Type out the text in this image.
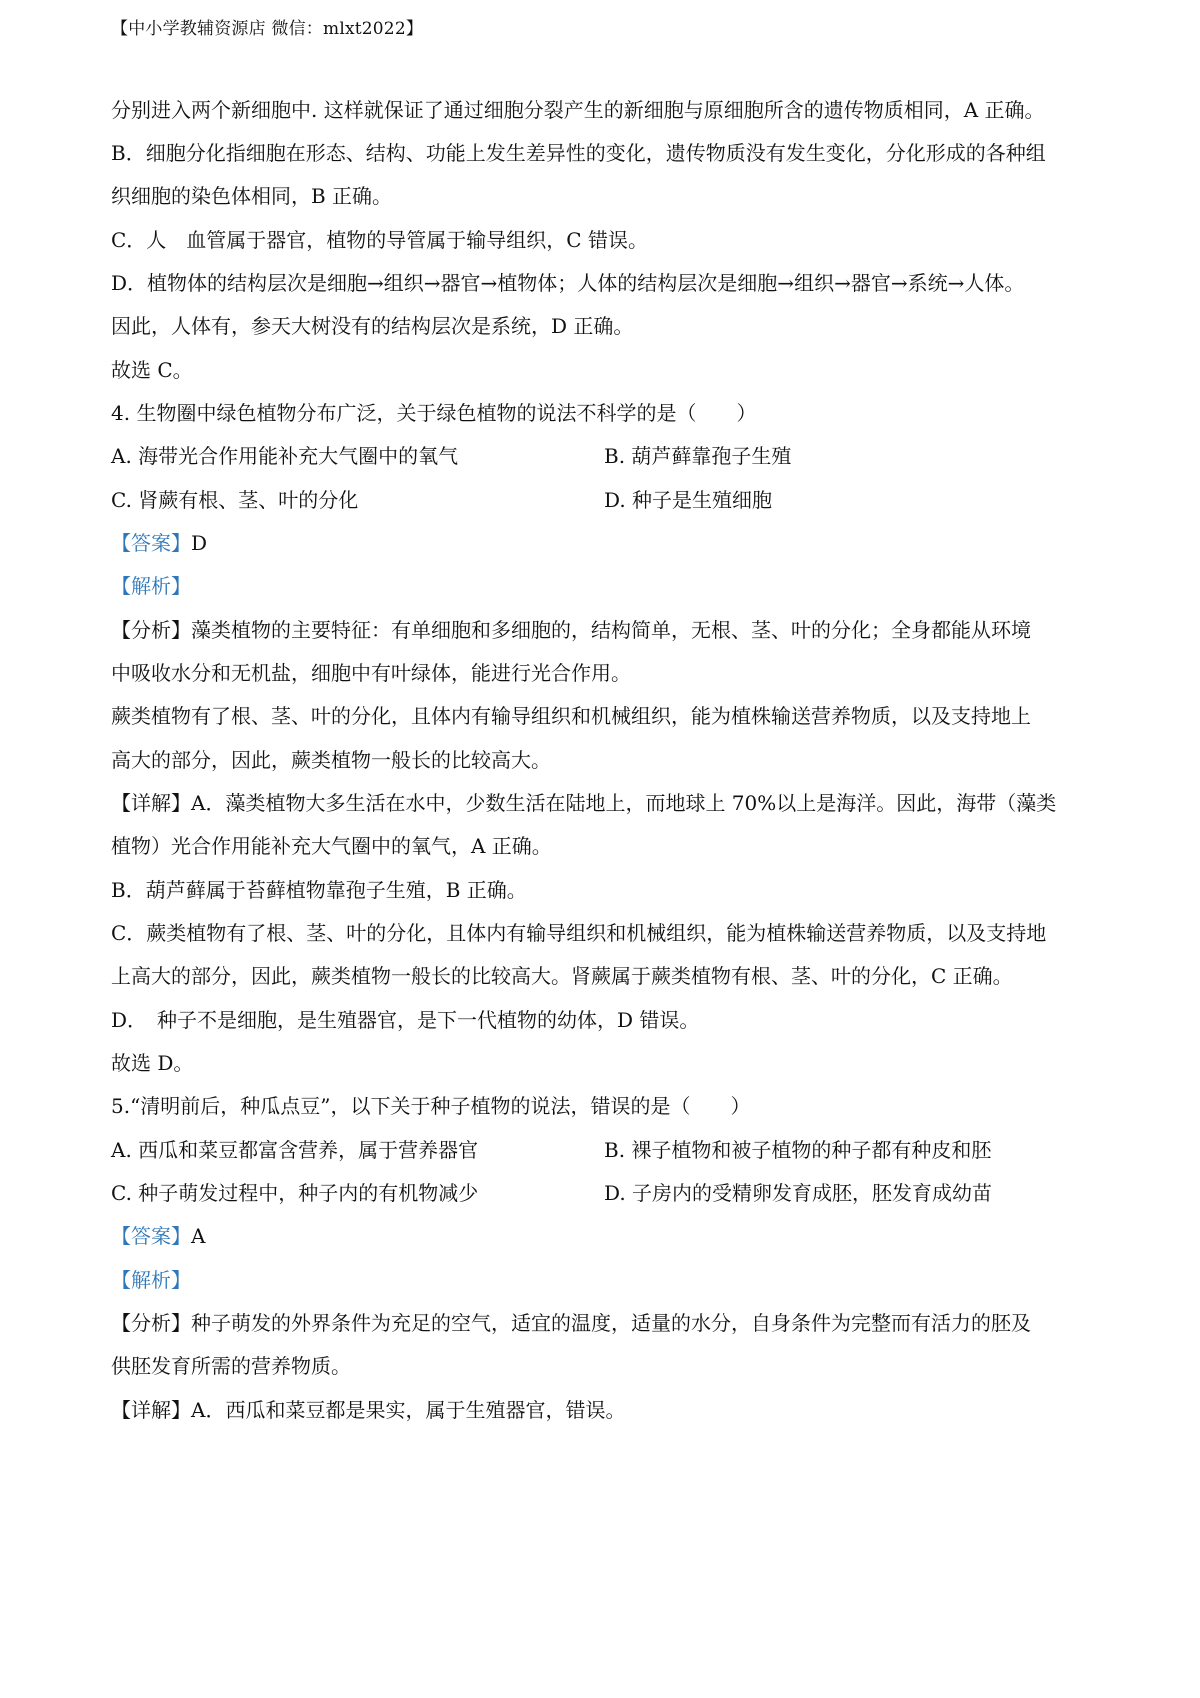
【中小学教辅资源店 微信：mlxt2022】
分别进入两个新细胞中. 这样就保证了通过细胞分裂产生的新细胞与原细胞所含的遗传物质相同，A 正确。
B．细胞分化指细胞在形态、结构、功能上发生差异性的变化，遗传物质没有发生变化，分化形成的各种组
织细胞的染色体相同，B 正确。
C．人　血管属于器官，植物的导管属于输导组织，C 错误。
D．植物体的结构层次是细胞→组织→器官→植物体；人体的结构层次是细胞→组织→器官→系统→人体。
因此，人体有，参天大树没有的结构层次是系统，D 正确。
故选 C。
4. 生物圈中绿色植物分布广泛，关于绿色植物的说法不科学的是（　　）
A. 海带光合作用能补充大气圈中的氧气	B. 葫芦藓靠孢子生殖
C. 肾蕨有根、茎、叶的分化	D. 种子是生殖细胞
【答案】D
【解析】
【分析】藻类植物的主要特征：有单细胞和多细胞的，结构简单，无根、茎、叶的分化；全身都能从环境
中吸收水分和无机盐，细胞中有叶绿体，能进行光合作用。
蕨类植物有了根、茎、叶的分化，且体内有输导组织和机械组织，能为植株输送营养物质，以及支持地上
高大的部分，因此，蕨类植物一般长的比较高大。
【详解】A．藻类植物大多生活在水中，少数生活在陆地上，而地球上 70%以上是海洋。因此，海带（藻类
植物）光合作用能补充大气圈中的氧气，A 正确。
B．葫芦藓属于苔藓植物靠孢子生殖，B 正确。
C．蕨类植物有了根、茎、叶的分化，且体内有输导组织和机械组织，能为植株输送营养物质，以及支持地
上高大的部分，因此，蕨类植物一般长的比较高大。肾蕨属于蕨类植物有根、茎、叶的分化，C 正确。
D．　种子不是细胞，是生殖器官，是下一代植物的幼体，D 错误。
故选 D。
5.“清明前后，种瓜点豆”，以下关于种子植物的说法，错误的是（　　）
A. 西瓜和菜豆都富含营养，属于营养器官	B. 裸子植物和被子植物的种子都有种皮和胚
C. 种子萌发过程中，种子内的有机物减少	D. 子房内的受精卵发育成胚，胚发育成幼苗
【答案】A
【解析】
【分析】种子萌发的外界条件为充足的空气，适宜的温度，适量的水分，自身条件为完整而有活力的胚及
供胚发育所需的营养物质。
【详解】A．西瓜和菜豆都是果实，属于生殖器官，错误。
